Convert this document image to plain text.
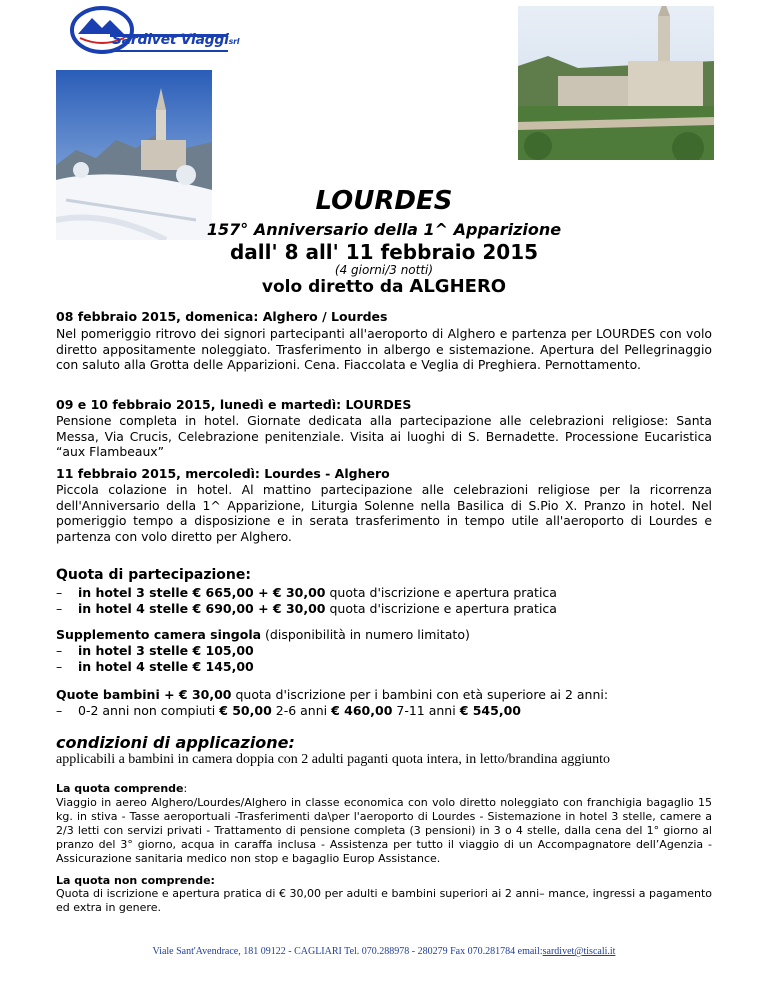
Sardivet Viaggisrl
LOURDES
157° Anniversario della 1^ Apparizione
dall' 8 all' 11 febbraio 2015
(4 giorni/3 notti)
volo diretto da ALGHERO
08 febbraio 2015, domenica: Alghero / Lourdes
Nel pomeriggio ritrovo dei signori partecipanti all'aeroporto di Alghero e partenza per LOURDES con volo diretto appositamente noleggiato. Trasferimento in albergo e sistemazione. Apertura del Pellegrinaggio con saluto alla Grotta delle Apparizioni. Cena. Fiaccolata e Veglia di Preghiera. Pernottamento.
09 e 10 febbraio 2015, lunedì e martedì: LOURDES
Pensione completa in hotel. Giornate dedicata alla partecipazione alle celebrazioni religiose: Santa Messa, Via Crucis, Celebrazione penitenziale. Visita ai luoghi di S. Bernadette. Processione Eucaristica “aux Flambeaux”
11 febbraio 2015, mercoledì: Lourdes - Alghero
Piccola colazione in hotel. Al mattino partecipazione alle celebrazioni religiose per la ricorrenza dell'Anniversario della 1^ Apparizione, Liturgia Solenne nella Basilica di S.Pio X. Pranzo in hotel. Nel pomeriggio tempo a disposizione e in serata trasferimento in tempo utile all'aeroporto di Lourdes e partenza con volo diretto per Alghero.
Quota di partecipazione:
– in hotel 3 stelle € 665,00 + € 30,00 quota d'iscrizione e apertura pratica
– in hotel 4 stelle € 690,00 + € 30,00 quota d'iscrizione e apertura pratica
Supplemento camera singola (disponibilità in numero limitato)
– in hotel 3 stelle € 105,00
– in hotel 4 stelle € 145,00
Quote bambini + € 30,00 quota d'iscrizione per i bambini con età superiore ai 2 anni:
– 0-2 anni non compiuti € 50,00 2-6 anni € 460,00 7-11 anni € 545,00
condizioni di applicazione:
applicabili a bambini in camera doppia con 2 adulti paganti quota intera, in letto/brandina aggiunto
La quota comprende:
Viaggio in aereo Alghero/Lourdes/Alghero in classe economica con volo diretto noleggiato con franchigia bagaglio 15 kg. in stiva - Tasse aeroportuali -Trasferimenti da\per l'aeroporto di Lourdes - Sistemazione in hotel 3 stelle, camere a 2/3 letti con servizi privati - Trattamento di pensione completa (3 pensioni) in 3 o 4 stelle, dalla cena del 1° giorno al pranzo del 3° giorno, acqua in caraffa inclusa - Assistenza per tutto il viaggio di un Accompagnatore dell’Agenzia - Assicurazione sanitaria medico non stop e bagaglio Europ Assistance.
La quota non comprende:
Quota di iscrizione e apertura pratica di € 30,00 per adulti e bambini superiori ai 2 anni– mance, ingressi a pagamento ed extra in genere.
Viale Sant'Avendrace, 181 09122 - CAGLIARI Tel. 070.288978 - 280279 Fax 070.281784 email:sardivet@tiscali.it
